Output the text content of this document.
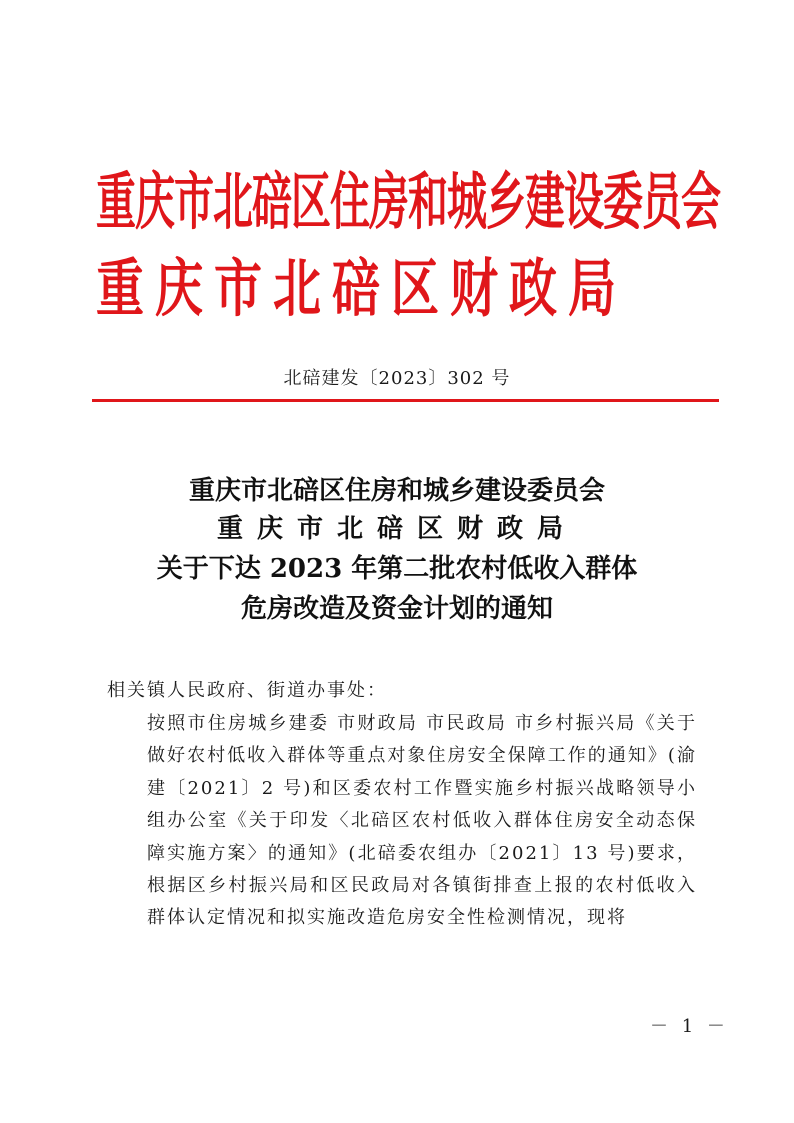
重庆市北碚区住房和城乡建设委员会
重庆市北碚区财政局
北碚建发〔2023〕302 号
重庆市北碚区住房和城乡建设委员会
重庆市北碚区财政局
关于下达 2023 年第二批农村低收入群体
危房改造及资金计划的通知
相关镇人民政府、街道办事处：
按照市住房城乡建委 市财政局 市民政局 市乡村振兴局《关于做好农村低收入群体等重点对象住房安全保障工作的通知》(渝建〔2021〕2 号)和区委农村工作暨实施乡村振兴战略领导小组办公室《关于印发〈北碚区农村低收入群体住房安全动态保障实施方案〉的通知》(北碚委农组办〔2021〕13 号)要求，根据区乡村振兴局和区民政局对各镇街排查上报的农村低收入群体认定情况和拟实施改造危房安全性检测情况，现将
－ 1 －
